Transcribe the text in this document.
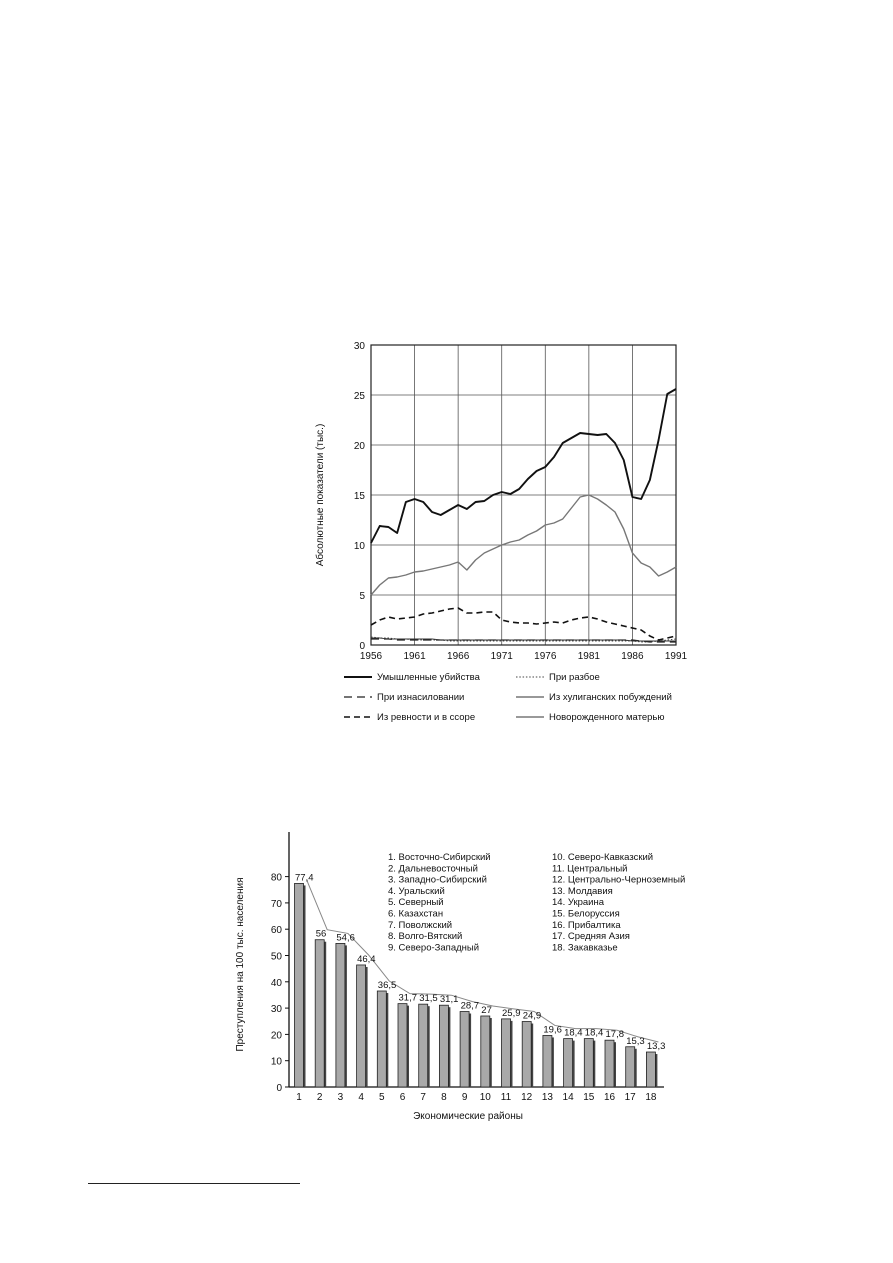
1956 1961 1966 1971 1976 1981 1986 1991
0
5
10
15
20
25
30
Абсолютные показатели (тыс.)
Умышленные убийства	При разбое
При изнасиловании	Из хулиганских побуждений
Из ревности и в ссоре	Новорожденного матерью
0
10
20
30
40
50
60
70
80 77,4
1
56
2
54,6
3
46,4
4
36,5
5
31,7
6
31,5
7
31,1
8
28,7
9
27
10
25,9
11
24,9
12
19,6
13
18,4
14
18,4
15
17,8
16
15,3
17
13,3
18
Преступления на 100 тыс. населения
Экономические районы
1. Восточно-Сибирский
2. Дальневосточный
3. Западно-Сибирский
4. Уральский
5. Северный
6. Казахстан
7. Поволжский
8. Волго-Вятский
9. Северо-Западный
10. Северо-Кавказский
11. Центральный
12. Центрально-Черноземный
13. Молдавия
14. Украина
15. Белоруссия
16. Прибалтика
17. Средняя Азия
18. Закавказье
